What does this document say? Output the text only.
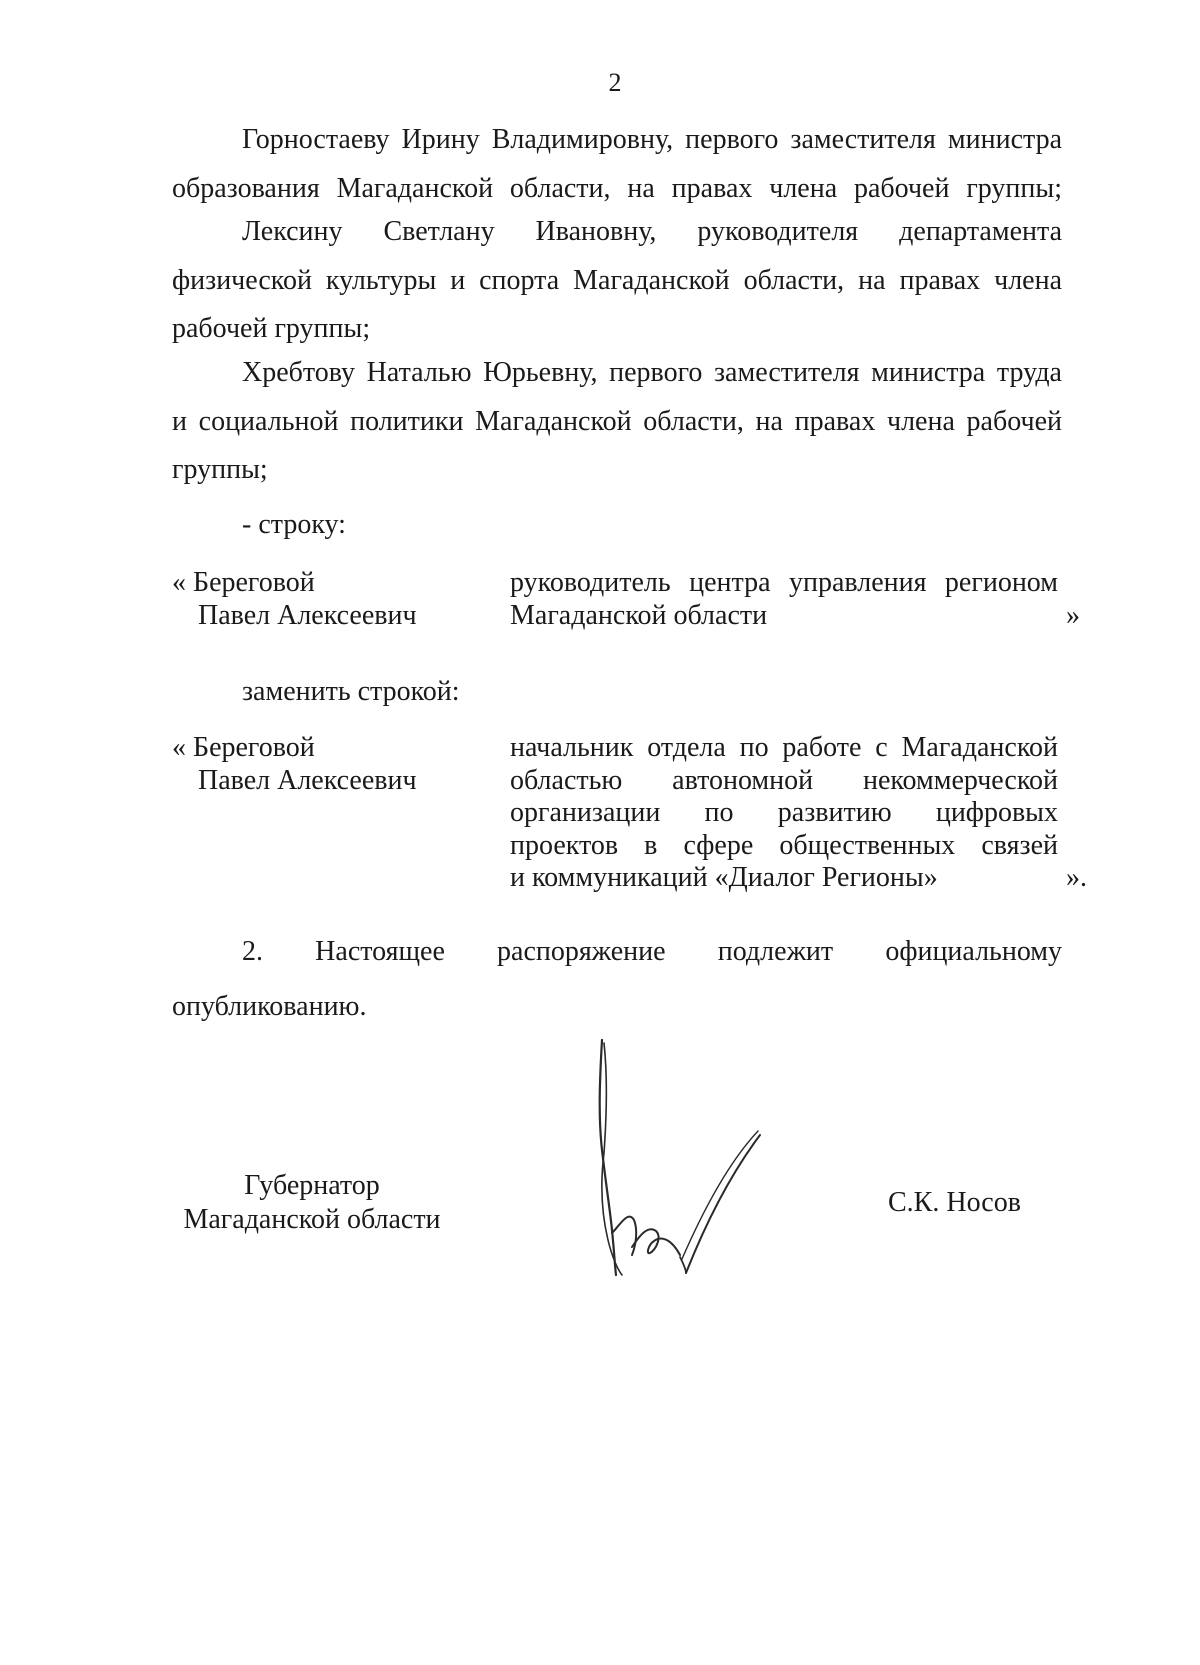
2
Горностаеву Ирину Владимировну, первого заместителя министра
образования Магаданской области, на правах члена рабочей группы;
Лексину Светлану Ивановну, руководителя департамента
физической культуры и спорта Магаданской области, на правах члена
рабочей группы;
Хребтову Наталью Юрьевну, первого заместителя министра труда
и социальной политики Магаданской области, на правах члена рабочей
группы;
- строку:
« Береговой
Павел Алексеевич
руководитель центра управления регионом
Магаданской области	»
заменить строкой:
« Береговой
Павел Алексеевич
начальник отдела по работе с Магаданской
областью автономной некоммерческой
организации по развитию цифровых
проектов в сфере общественных связей
и коммуникаций «Диалог Регионы»	».
2. Настоящее распоряжение подлежит официальному
опубликованию.
Губернатор
Магаданской области
С.К. Носов
